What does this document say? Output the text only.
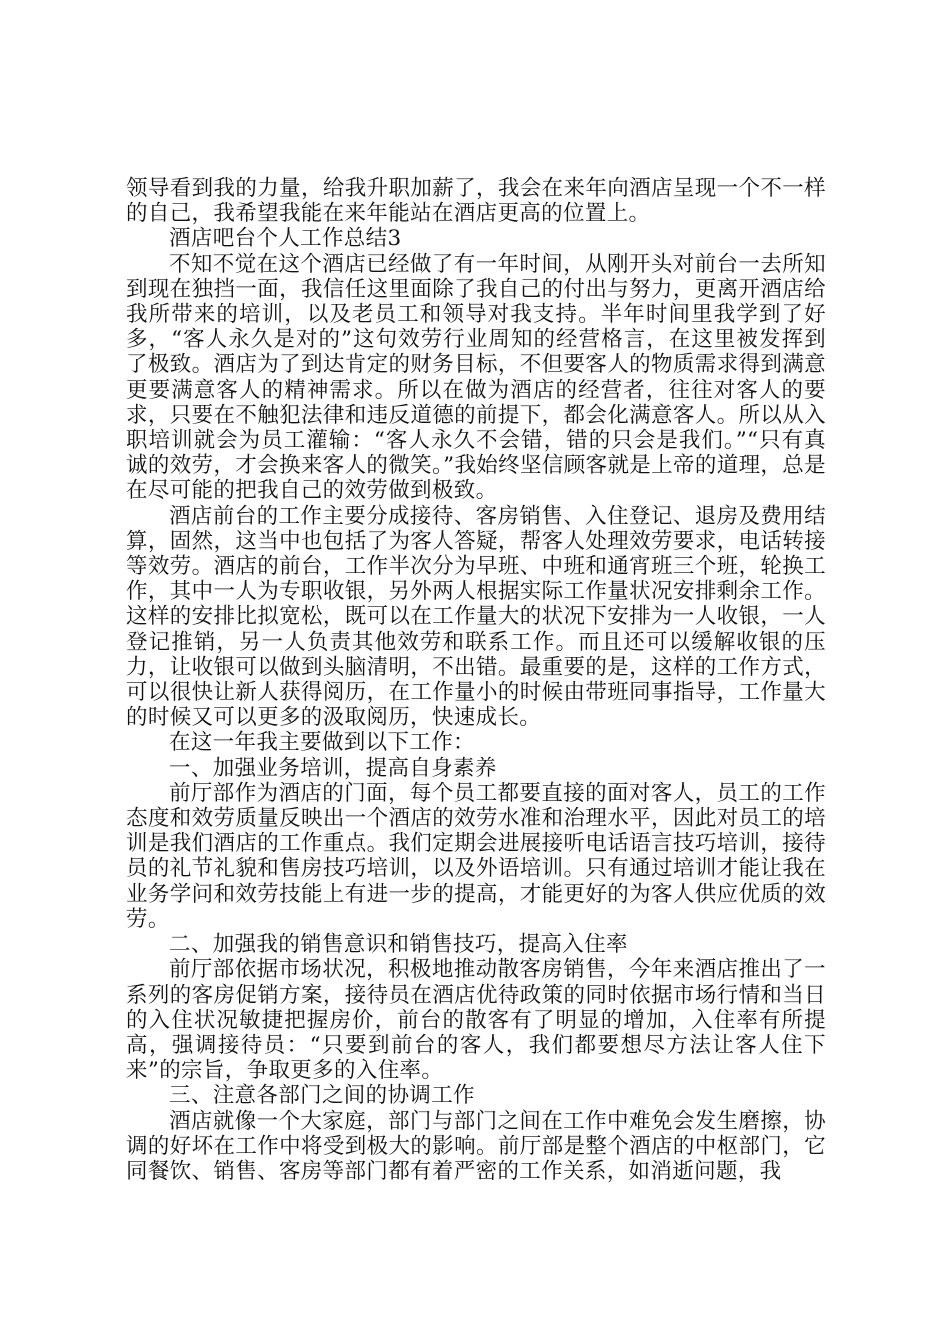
领导看到我的力量，给我升职加薪了，我会在来年向酒店呈现一个不一样的自己，我希望我能在来年能站在酒店更高的位置上。

酒店吧台个人工作总结3

不知不觉在这个酒店已经做了有一年时间，从刚开头对前台一去所知到现在独挡一面，我信任这里面除了我自己的付出与努力，更离开酒店给我所带来的培训，以及老员工和领导对我支持。半年时间里我学到了好多，“客人永久是对的”这句效劳行业周知的经营格言，在这里被发挥到了极致。酒店为了到达肯定的财务目标，不但要客人的物质需求得到满意更要满意客人的精神需求。所以在做为酒店的经营者，往往对客人的要求，只要在不触犯法律和违反道德的前提下，都会化满意客人。所以从入职培训就会为员工灌输：“客人永久不会错，错的只会是我们。”“只有真诚的效劳，才会换来客人的微笑。”我始终坚信顾客就是上帝的道理，总是在尽可能的把我自己的效劳做到极致。

酒店前台的工作主要分成接待、客房销售、入住登记、退房及费用结算，固然，这当中也包括了为客人答疑，帮客人处理效劳要求，电话转接等效劳。酒店的前台，工作半次分为早班、中班和通宵班三个班，轮换工作，其中一人为专职收银，另外两人根据实际工作量状况安排剩余工作。这样的安排比拟宽松，既可以在工作量大的状况下安排为一人收银，一人登记推销，另一人负责其他效劳和联系工作。而且还可以缓解收银的压力，让收银可以做到头脑清明，不出错。最重要的是，这样的工作方式，可以很快让新人获得阅历，在工作量小的时候由带班同事指导，工作量大的时候又可以更多的汲取阅历，快速成长。

在这一年我主要做到以下工作：

一、加强业务培训，提高自身素养

前厅部作为酒店的门面，每个员工都要直接的面对客人，员工的工作态度和效劳质量反映出一个酒店的效劳水准和治理水平，因此对员工的培训是我们酒店的工作重点。我们定期会进展接听电话语言技巧培训，接待员的礼节礼貌和售房技巧培训，以及外语培训。只有通过培训才能让我在业务学问和效劳技能上有进一步的提高，才能更好的为客人供应优质的效劳。

二、加强我的销售意识和销售技巧，提高入住率

前厅部依据市场状况，积极地推动散客房销售，今年来酒店推出了一系列的客房促销方案，接待员在酒店优待政策的同时依据市场行情和当日的入住状况敏捷把握房价，前台的散客有了明显的增加，入住率有所提高，强调接待员：“只要到前台的客人，我们都要想尽方法让客人住下来”的宗旨，争取更多的入住率。

三、注意各部门之间的协调工作

酒店就像一个大家庭，部门与部门之间在工作中难免会发生磨擦，协调的好坏在工作中将受到极大的影响。前厅部是整个酒店的中枢部门，它同餐饮、销售、客房等部门都有着严密的工作关系，如消逝问题，我
